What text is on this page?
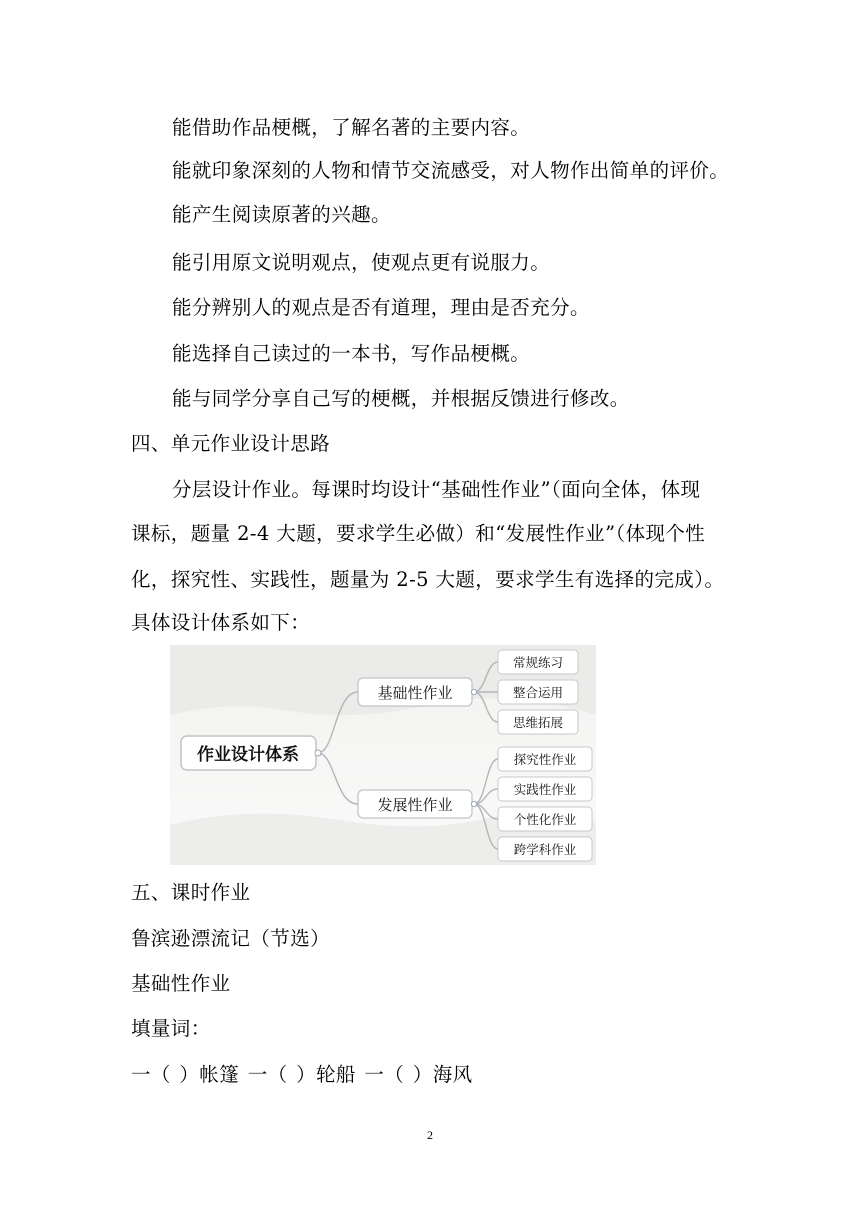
能借助作品梗概，了解名著的主要内容。
能就印象深刻的人物和情节交流感受，对人物作出简单的评价。
能产生阅读原著的兴趣。
能引用原文说明观点，使观点更有说服力。
能分辨别人的观点是否有道理，理由是否充分。
能选择自己读过的一本书，写作品梗概。
能与同学分享自己写的梗概，并根据反馈进行修改。
四、单元作业设计思路
分层设计作业。每课时均设计“基础性作业”（面向全体，体现
课标，题量 2-4 大题，要求学生必做）和“发展性作业”（体现个性
化，探究性、实践性，题量为 2-5 大题，要求学生有选择的完成）。
具体设计体系如下：
作业设计体系
基础性作业
发展性作业
常规练习
整合运用
思维拓展
探究性作业
实践性作业
个性化作业
跨学科作业
五、课时作业
鲁滨逊漂流记（节选）
基础性作业
填量词：
一（ ）帐篷 一（ ）轮船 一（ ）海风
2
